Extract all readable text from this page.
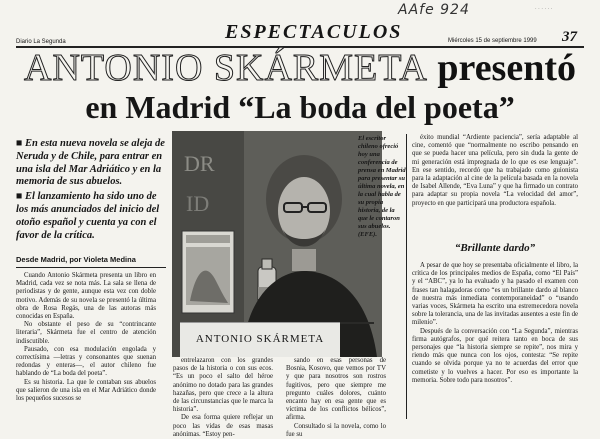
AAfe 924	· · · · · ·
Diario La Segunda	ESPECTACULOS	Miércoles 15 de septiembre 1999 37
ANTONIO SKÁRMETA presentó
en Madrid “La boda del poeta”

■ En esta nueva novela se aleja de Neruda y de Chile, para entrar en una isla del Mar Adriático y en la memoria de sus abuelos.

■ El lanzamiento ha sido uno de los más anunciados del inicio del otoño español y cuenta ya con el favor de la crítica.

Desde Madrid, por Violeta Medina
DR
ID
ANTONIO SKÁRMETA
El escritor chileno ofreció hoy una conferencia de prensa en Madrid para presentar su última novela, en la cual habla de su propia historia, de la que le contaron sus abuelos. (EFE).

Cuando Antonio Skármeta presenta un libro en Madrid, cada vez se nota más. La sala se llena de periodistas y de gente, aunque esta vez con doble motivo. Además de su novela se presentó la última obra de Rosa Regás, una de las autoras más conocidas en España.

No obstante el peso de su “contrincante literaria”, Skármeta fue el centro de atención indiscutible.

Pausado, con esa modulación engolada y correctísima —letras y consonantes que suenan redondas y enteras—, el autor chileno fue hablando de “La boda del poeta”.

Es su historia. La que le contaban sus abuelos que salieron de una isla en el Mar Adriático donde los pequeños sucesos se

entrelazaron con los grandes pasos de la historia o con sus ecos. “Es un poco el salto del héroe anónimo no dotado para las grandes hazañas, pero que crece a la altura de las circunstancias que le marca la historia”.

De esa forma quiere reflejar un poco las vidas de esas masas anónimas. “Estoy pen-

sando en esas personas de Bosnia, Kosovo, que vemos por TV y que para nosotros son rostros fugitivos, pero que siempre me pregunto cuáles dolores, cuánto encanto hay en esa gente que es víctima de los conflictos bélicos”, afirma.

Consultado si la novela, como lo fue su

éxito mundial “Ardiente paciencia”, sería adaptable al cine, comentó que “normalmente no escribo pensando en que se pueda hacer una película, pero sin duda la gente de mi generación está impregnada de lo que es ese lenguaje”. En ese sentido, recordó que ha trabajado como guionista para la adaptación al cine de la película basada en la novela de Isabel Allende, “Eva Luna” y que ha firmado un contrato para adaptar su propia novela “La velocidad del amor”, proyecto en que participará una productora española.

“Brillante dardo”

A pesar de que hoy se presentaba oficialmente el libro, la crítica de los principales medios de España, como “El País” y el “ABC”, ya lo ha evaluado y ha pasado el examen con frases tan halagadoras como “es un brillante dardo al blanco de nuestra más inmediata contemporaneidad” o “usando varias voces, Skármeta ha escrito una estremecedora novela sobre la tolerancia, una de las invitadas ausentes a este fin de milenio”.

Después de la conversación con “La Segunda”, mientras firma autógrafos, por qué reitera tanto en boca de sus personajes que “la historia siempre se repite”, nos mira y riendo más que nunca con los ojos, contesta: “Se repite cuando se olvida porque ya no te acuerdas del error que cometiste y lo vuelves a hacer. Por eso es importante la memoria. Sobre todo para nosotros”.
